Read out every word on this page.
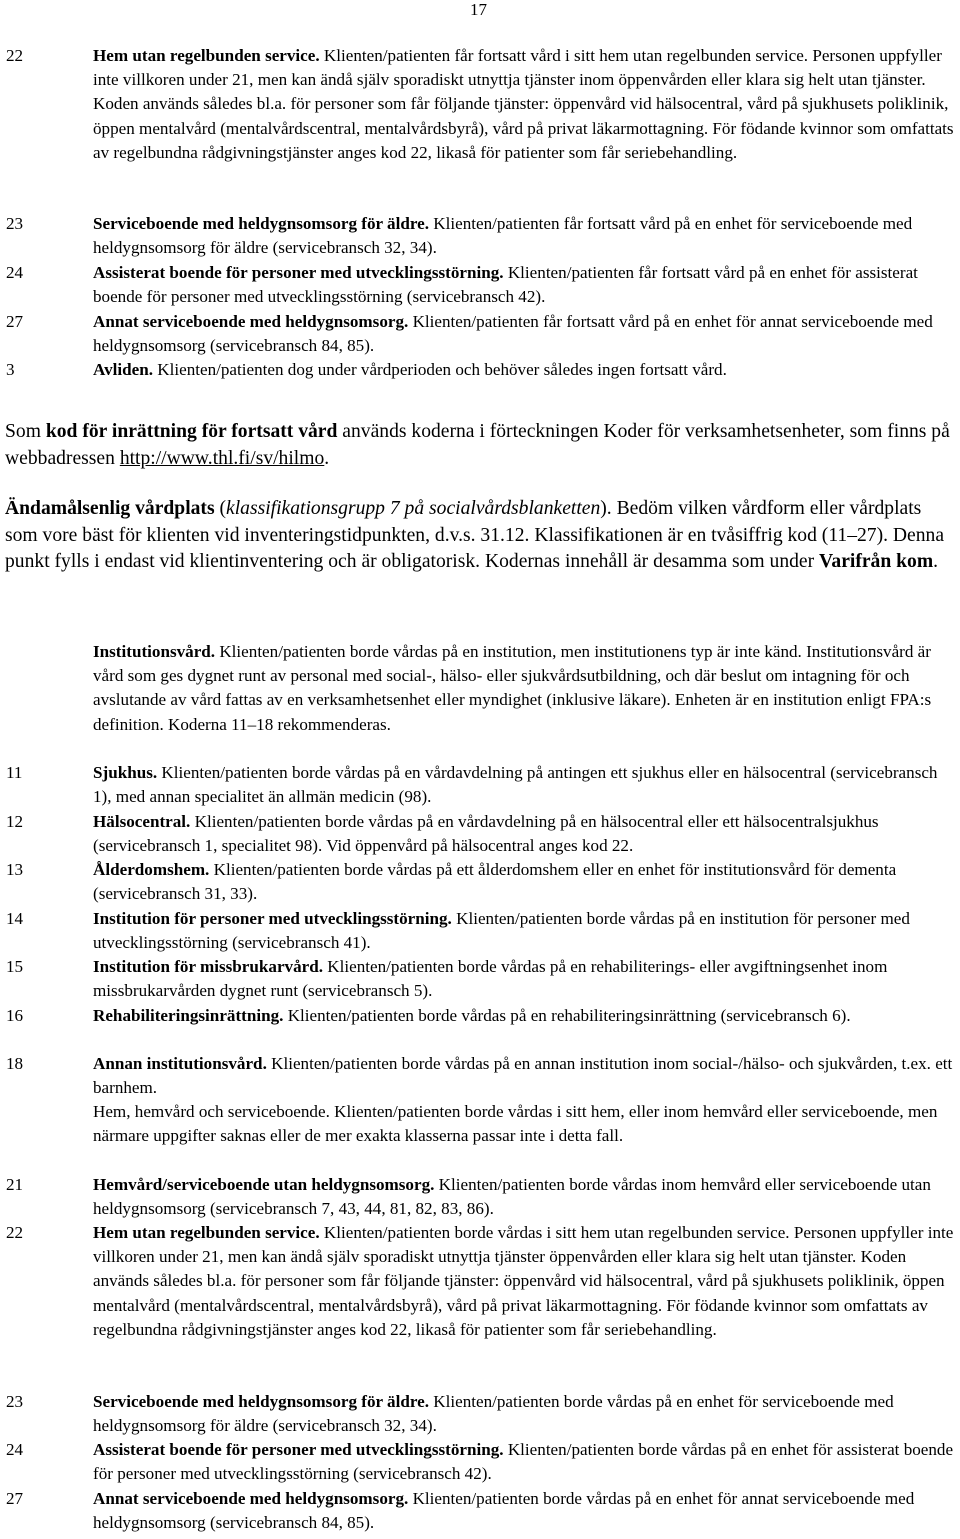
17
22	Hem utan regelbunden service. Klienten/patienten får fortsatt vård i sitt hem utan regelbunden service. Personen uppfyller inte villkoren under 21, men kan ändå själv sporadiskt utnyttja tjänster inom öppenvården eller klara sig helt utan tjänster. Koden används således bl.a. för personer som får följande tjänster: öppenvård vid hälsocentral, vård på sjukhusets poliklinik, öppen mentalvård (mentalvårdscentral, mentalvårdsbyrå), vård på privat läkarmottagning. För födande kvinnor som omfattats av regelbundna rådgivningstjänster anges kod 22, likaså för patienter som får seriebehandling.
23	Serviceboende med heldygnsomsorg för äldre. Klienten/patienten får fortsatt vård på en enhet för serviceboende med heldygnsomsorg för äldre (servicebransch 32, 34).
24	Assisterat boende för personer med utvecklingsstörning. Klienten/patienten får fortsatt vård på en enhet för assisterat boende för personer med utvecklingsstörning (servicebransch 42).
27	Annat serviceboende med heldygnsomsorg. Klienten/patienten får fortsatt vård på en enhet för annat serviceboende med heldygnsomsorg (servicebransch 84, 85).
3	Avliden. Klienten/patienten dog under vårdperioden och behöver således ingen fortsatt vård.
Som kod för inrättning för fortsatt vård används koderna i förteckningen Koder för verksamhetsenheter, som finns på webbadressen http://www.thl.fi/sv/hilmo.
Ändamålsenlig vårdplats (klassifikationsgrupp 7 på socialvårdsblanketten). Bedöm vilken vårdform eller vårdplats som vore bäst för klienten vid inventeringstidpunkten, d.v.s. 31.12. Klassifikationen är en tvåsiffrig kod (11–27). Denna punkt fylls i endast vid klientinventering och är obligatorisk. Kodernas innehåll är desamma som under Varifrån kom.
Institutionsvård. Klienten/patienten borde vårdas på en institution, men institutionens typ är inte känd. Institutionsvård är vård som ges dygnet runt av personal med social-, hälso- eller sjukvårdsutbildning, och där beslut om intagning för och avslutande av vård fattas av en verksamhetsenhet eller myndighet (inklusive läkare). Enheten är en institution enligt FPA:s definition. Koderna 11–18 rekommenderas.
11	Sjukhus. Klienten/patienten borde vårdas på en vårdavdelning på antingen ett sjukhus eller en hälsocentral (servicebransch 1), med annan specialitet än allmän medicin (98).
12	Hälsocentral. Klienten/patienten borde vårdas på en vårdavdelning på en hälsocentral eller ett hälsocentralsjukhus (servicebransch 1, specialitet 98). Vid öppenvård på hälsocentral anges kod 22.
13	Ålderdomshem. Klienten/patienten borde vårdas på ett ålderdomshem eller en enhet för institutionsvård för dementa (servicebransch 31, 33).
14	Institution för personer med utvecklingsstörning. Klienten/patienten borde vårdas på en institution för personer med utvecklingsstörning (servicebransch 41).
15	Institution för missbrukarvård. Klienten/patienten borde vårdas på en rehabiliterings- eller avgiftningsenhet inom missbrukarvården dygnet runt (servicebransch 5).
16	Rehabiliteringsinrättning. Klienten/patienten borde vårdas på en rehabiliteringsinrättning (servicebransch 6).
18	Annan institutionsvård. Klienten/patienten borde vårdas på en annan institution inom social-/hälso- och sjukvården, t.ex. ett barnhem.
Hem, hemvård och serviceboende. Klienten/patienten borde vårdas i sitt hem, eller inom hemvård eller serviceboende, men närmare uppgifter saknas eller de mer exakta klasserna passar inte i detta fall.
21	Hemvård/serviceboende utan heldygnsomsorg. Klienten/patienten borde vårdas inom hemvård eller serviceboende utan heldygnsomsorg (servicebransch 7, 43, 44, 81, 82, 83, 86).
22	Hem utan regelbunden service. Klienten/patienten borde vårdas i sitt hem utan regelbunden service. Personen uppfyller inte villkoren under 21, men kan ändå själv sporadiskt utnyttja tjänster öppenvården eller klara sig helt utan tjänster. Koden används således bl.a. för personer som får följande tjänster: öppenvård vid hälsocentral, vård på sjukhusets poliklinik, öppen mentalvård (mentalvårdscentral, mentalvårdsbyrå), vård på privat läkarmottagning. För födande kvinnor som omfattats av regelbundna rådgivningstjänster anges kod 22, likaså för patienter som får seriebehandling.
23	Serviceboende med heldygnsomsorg för äldre. Klienten/patienten borde vårdas på en enhet för serviceboende med heldygnsomsorg för äldre (servicebransch 32, 34).
24	Assisterat boende för personer med utvecklingsstörning. Klienten/patienten borde vårdas på en enhet för assisterat boende för personer med utvecklingsstörning (servicebransch 42).
27	Annat serviceboende med heldygnsomsorg. Klienten/patienten borde vårdas på en enhet för annat serviceboende med heldygnsomsorg (servicebransch 84, 85).
